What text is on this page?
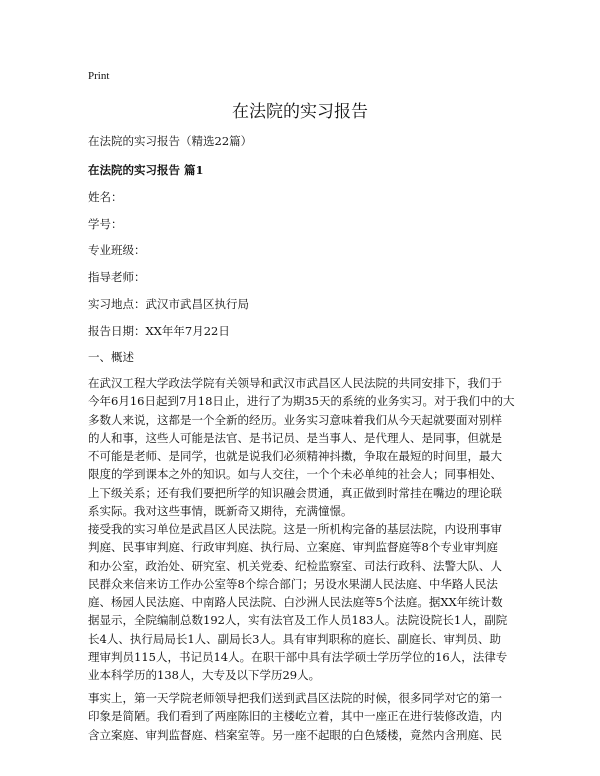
Print
在法院的实习报告
在法院的实习报告（精选22篇）
在法院的实习报告 篇1
姓名：
学号：
专业班级：
指导老师：
实习地点：武汉市武昌区执行局
报告日期：XX年年7月22日
一、概述
在武汉工程大学政法学院有关领导和武汉市武昌区人民法院的共同安排下，我们于
今年6月16日起到7月18日止，进行了为期35天的系统的业务实习。对于我们中的大
多数人来说，这都是一个全新的经历。业务实习意味着我们从今天起就要面对别样
的人和事，这些人可能是法官、是书记员、是当事人、是代理人、是同事，但就是
不可能是老师、是同学，也就是说我们必须精神抖擞，争取在最短的时间里，最大
限度的学到课本之外的知识。如与人交往，一个个未必单纯的社会人；同事相处、
上下级关系；还有我们要把所学的知识融会贯通，真正做到时常挂在嘴边的理论联
系实际。我对这些事情，既新奇又期待，充满憧憬。
接受我的实习单位是武昌区人民法院。这是一所机构完备的基层法院，内设刑事审
判庭、民事审判庭、行政审判庭、执行局、立案庭、审判监督庭等8个专业审判庭
和办公室，政治处、研究室、机关党委、纪检监察室、司法行政科、法警大队、人
民群众来信来访工作办公室等8个综合部门；另设水果湖人民法庭、中华路人民法
庭、杨园人民法庭、中南路人民法院、白沙洲人民法庭等5个法庭。据XX年统计数
据显示，全院编制总数192人，实有法官及工作人员183人。法院设院长1人，副院
长4人、执行局局长1人、副局长3人。具有审判职称的庭长、副庭长、审判员、助
理审判员115人，书记员14人。在职干部中具有法学硕士学历学位的16人，法律专
业本科学历的138人，大专及以下学历29人。
事实上，第一天学院老师领导把我们送到武昌区法院的时候，很多同学对它的第一
印象是简陋。我们看到了两座陈旧的主楼屹立着，其中一座正在进行装修改造，内
含立案庭、审判监督庭、档案室等。另一座不起眼的白色矮楼，竟然内含刑庭、民
